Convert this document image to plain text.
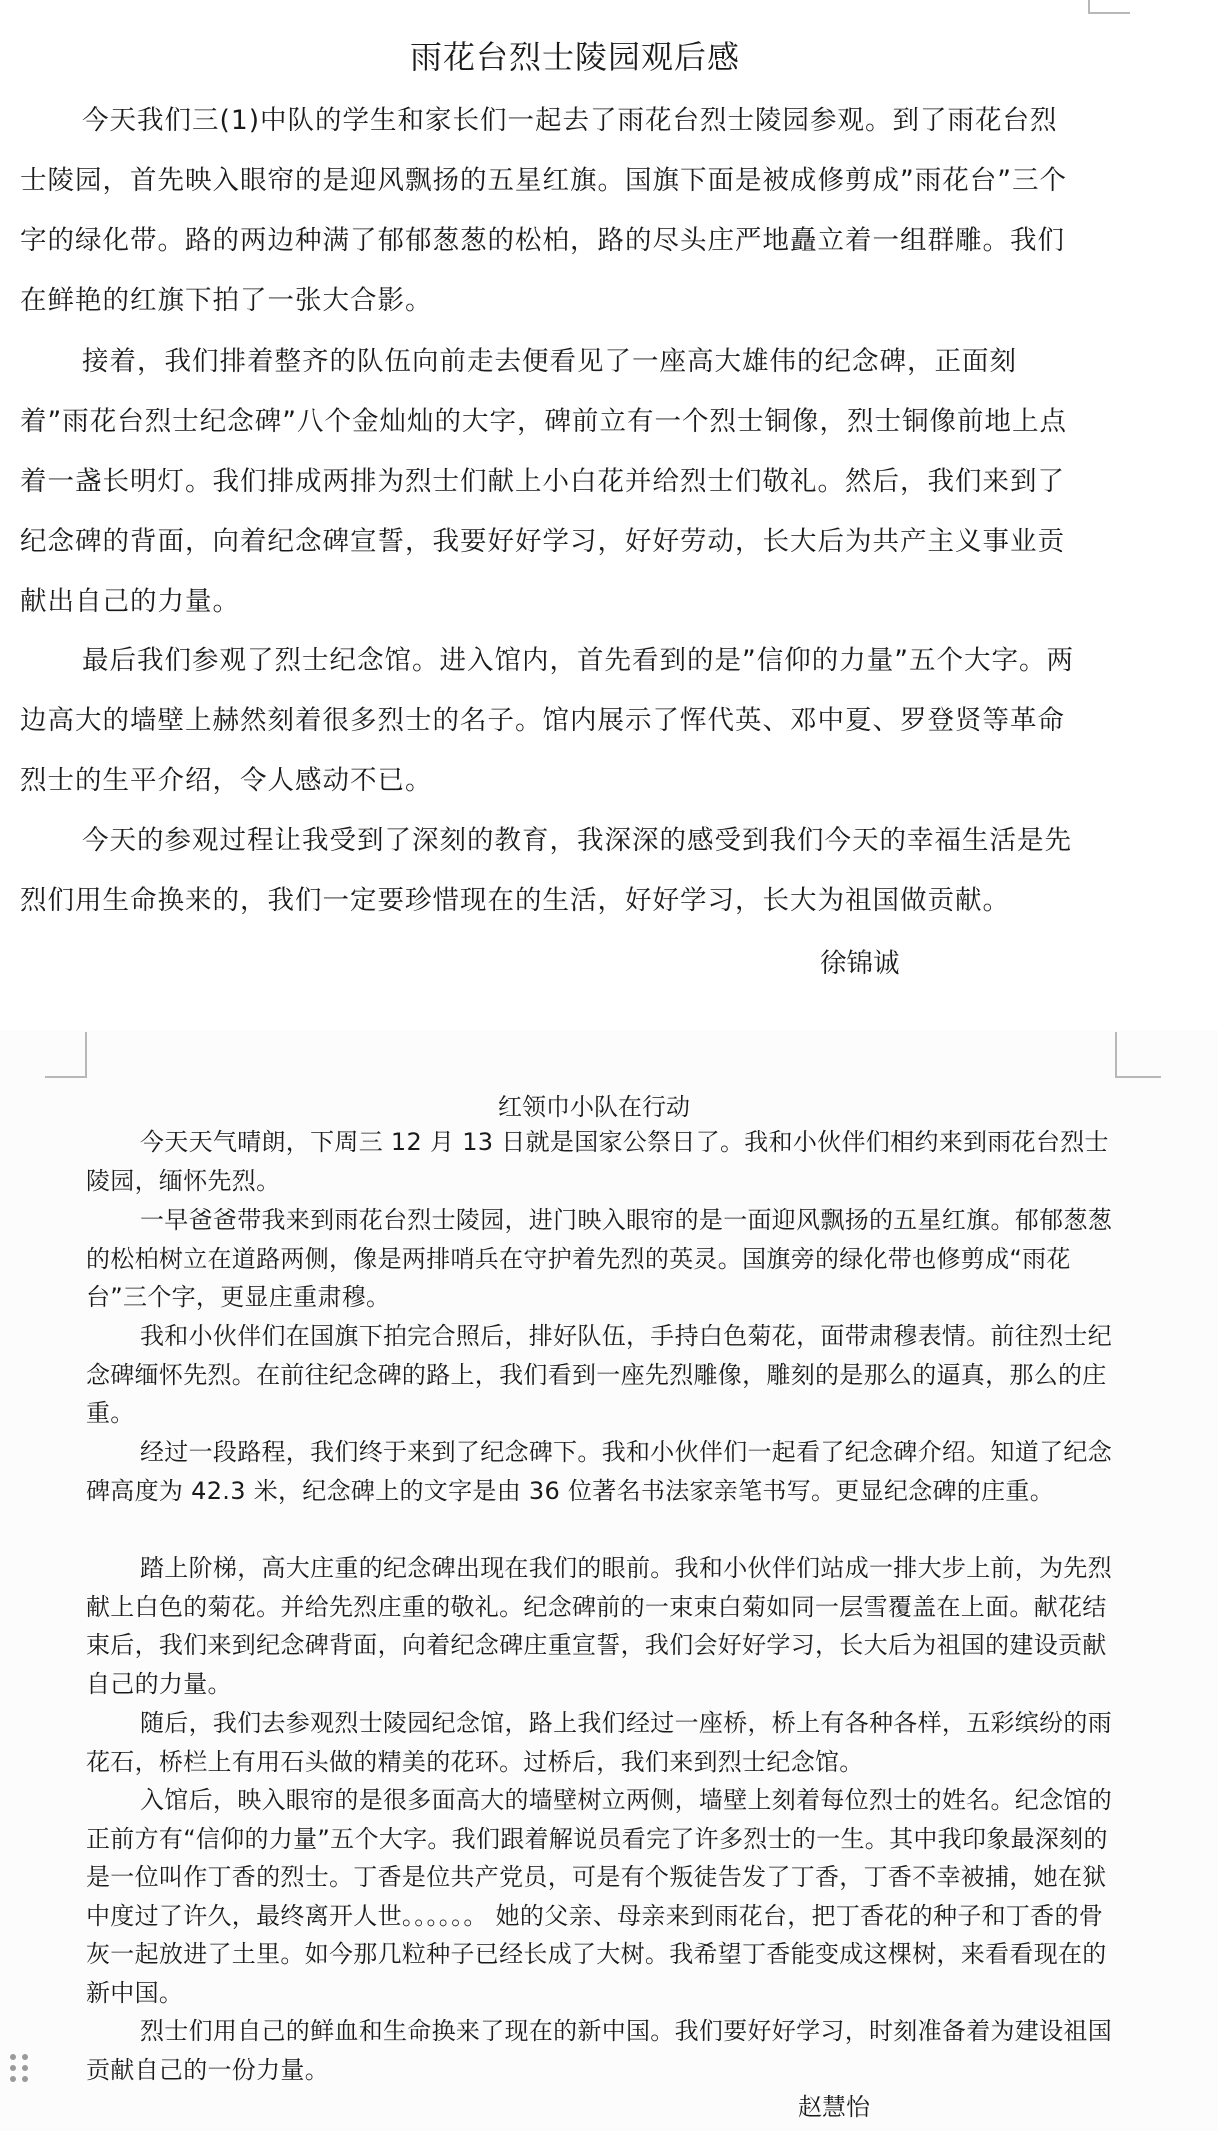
雨花台烈士陵园观后感

今天我们三(1)中队的学生和家长们一起去了雨花台烈士陵园参观。到了雨花台烈士陵园，首先映入眼帘的是迎风飘扬的五星红旗。国旗下面是被成修剪成”雨花台”三个字的绿化带。路的两边种满了郁郁葱葱的松柏，路的尽头庄严地矗立着一组群雕。我们在鲜艳的红旗下拍了一张大合影。

接着，我们排着整齐的队伍向前走去便看见了一座高大雄伟的纪念碑，正面刻着”雨花台烈士纪念碑”八个金灿灿的大字，碑前立有一个烈士铜像，烈士铜像前地上点着一盏长明灯。我们排成两排为烈士们献上小白花并给烈士们敬礼。然后，我们来到了纪念碑的背面，向着纪念碑宣誓，我要好好学习，好好劳动，长大后为共产主义事业贡献出自己的力量。

最后我们参观了烈士纪念馆。进入馆内，首先看到的是”信仰的力量”五个大字。两边高大的墙壁上赫然刻着很多烈士的名子。馆内展示了恽代英、邓中夏、罗登贤等革命烈士的生平介绍，令人感动不已。

今天的参观过程让我受到了深刻的教育，我深深的感受到我们今天的幸福生活是先烈们用生命换来的，我们一定要珍惜现在的生活，好好学习，长大为祖国做贡献。

徐锦诚
红领巾小队在行动

今天天气晴朗，下周三 12 月 13 日就是国家公祭日了。我和小伙伴们相约来到雨花台烈士陵园，缅怀先烈。

一早爸爸带我来到雨花台烈士陵园，进门映入眼帘的是一面迎风飘扬的五星红旗。郁郁葱葱的松柏树立在道路两侧，像是两排哨兵在守护着先烈的英灵。国旗旁的绿化带也修剪成“雨花台”三个字，更显庄重肃穆。

我和小伙伴们在国旗下拍完合照后，排好队伍，手持白色菊花，面带肃穆表情。前往烈士纪念碑缅怀先烈。在前往纪念碑的路上，我们看到一座先烈雕像，雕刻的是那么的逼真，那么的庄重。

经过一段路程，我们终于来到了纪念碑下。我和小伙伴们一起看了纪念碑介绍。知道了纪念碑高度为 42.3 米，纪念碑上的文字是由 36 位著名书法家亲笔书写。更显纪念碑的庄重。

踏上阶梯，高大庄重的纪念碑出现在我们的眼前。我和小伙伴们站成一排大步上前，为先烈献上白色的菊花。并给先烈庄重的敬礼。纪念碑前的一束束白菊如同一层雪覆盖在上面。献花结束后，我们来到纪念碑背面，向着纪念碑庄重宣誓，我们会好好学习，长大后为祖国的建设贡献自己的力量。

随后，我们去参观烈士陵园纪念馆，路上我们经过一座桥，桥上有各种各样，五彩缤纷的雨花石，桥栏上有用石头做的精美的花环。过桥后，我们来到烈士纪念馆。

入馆后，映入眼帘的是很多面高大的墙壁树立两侧，墙壁上刻着每位烈士的姓名。纪念馆的正前方有“信仰的力量”五个大字。我们跟着解说员看完了许多烈士的一生。其中我印象最深刻的是一位叫作丁香的烈士。丁香是位共产党员，可是有个叛徒告发了丁香，丁香不幸被捕，她在狱中度过了许久，最终离开人世。。。。。。 她的父亲、母亲来到雨花台，把丁香花的种子和丁香的骨灰一起放进了土里。如今那几粒种子已经长成了大树。我希望丁香能变成这棵树，来看看现在的新中国。

烈士们用自己的鲜血和生命换来了现在的新中国。我们要好好学习，时刻准备着为建设祖国贡献自己的一份力量。

赵慧怡
